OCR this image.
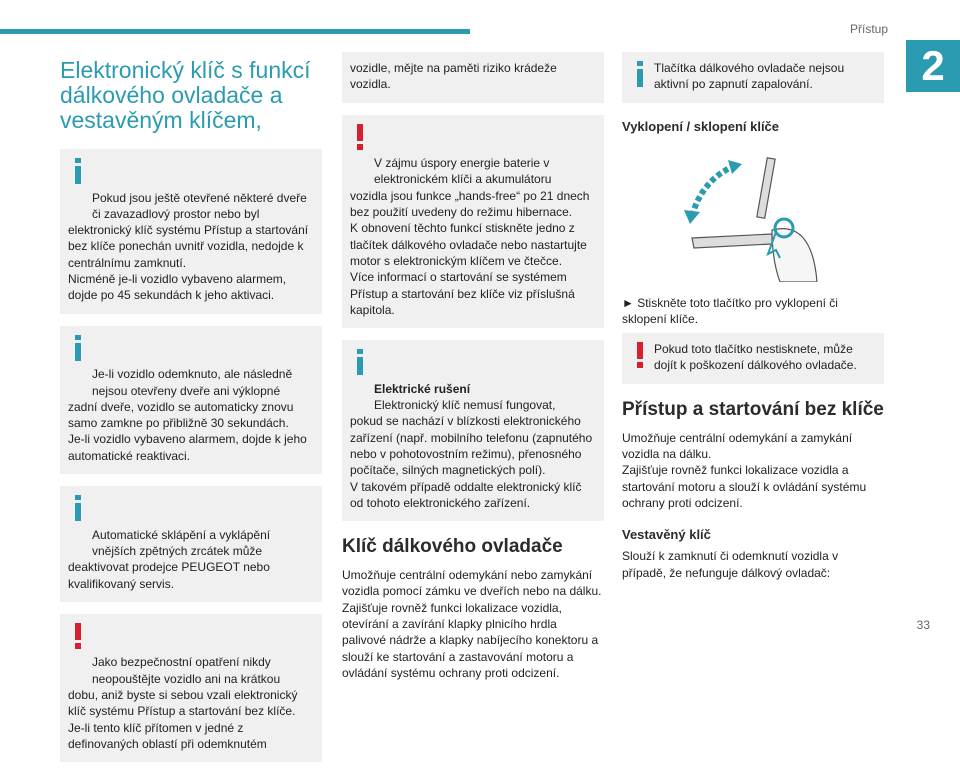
Přístup
2
Elektronický klíč s funkcí dálkového ovladače a vestavěným klíčem,

Pokud jsou ještě otevřené některé dveře či zavazadlový prostor nebo byl
elektronický klíč systému Přístup a startování bez klíče ponechán uvnitř vozidla, nedojde k centrálnímu zamknutí.
Nicméně je-li vozidlo vybaveno alarmem, dojde po 45 sekundách k jeho aktivaci.

Je-li vozidlo odemknuto, ale následně nejsou otevřeny dveře ani výklopné
zadní dveře, vozidlo se automaticky znovu samo zamkne po přibližně 30 sekundách.
Je-li vozidlo vybaveno alarmem, dojde k jeho automatické reaktivaci.

Automatické sklápění a vyklápění vnějších zpětných zrcátek může
deaktivovat prodejce PEUGEOT nebo kvalifikovaný servis.

Jako bezpečnostní opatření nikdy neopouštějte vozidlo ani na krátkou
dobu, aniž byste si sebou vzali elektronický klíč systému Přístup a startování bez klíče.
Je-li tento klíč přítomen v jedné z definovaných oblastí při odemknutém

vozidle, mějte na paměti riziko krádeže vozidla.

V zájmu úspory energie baterie v elektronickém klíči a akumulátoru
vozidla jsou funkce „hands-free“ po 21 dnech bez použití uvedeny do režimu hibernace.
K obnovení těchto funkcí stiskněte jedno z tlačítek dálkového ovladače nebo nastartujte motor s elektronickým klíčem ve čtečce.
Více informací o startování se systémem Přístup a startování bez klíče viz příslušná kapitola.

Elektrické rušení
Elektronický klíč nemusí fungovat,
pokud se nachází v blízkosti elektronického zařízení (např. mobilního telefonu (zapnutého nebo v pohotovostním režimu), přenosného počítače, silných magnetických polí).
V takovém případě oddalte elektronický klíč od tohoto elektronického zařízení.

Klíč dálkového ovladače

Umožňuje centrální odemykání nebo zamykání vozidla pomocí zámku ve dveřích nebo na dálku.
Zajišťuje rovněž funkci lokalizace vozidla, otevírání a zavírání klapky plnicího hrdla palivové nádrže a klapky nabíjecího konektoru a slouží ke startování a zastavování motoru a ovládání systému ochrany proti odcizení.

Tlačítka dálkového ovladače nejsou aktivní po zapnutí zapalování.
Vyklopení / sklopení klíče

► Stiskněte toto tlačítko pro vyklopení či sklopení klíče.

Pokud toto tlačítko nestisknete, může dojít k poškození dálkového ovladače.
Přístup a startování bez klíče

Umožňuje centrální odemykání a zamykání vozidla na dálku.
Zajišťuje rovněž funkci lokalizace vozidla a startování motoru a slouží k ovládání systému ochrany proti odcizení.

Vestavěný klíč

Slouží k zamknutí či odemknutí vozidla v případě, že nefunguje dálkový ovladač:

33
